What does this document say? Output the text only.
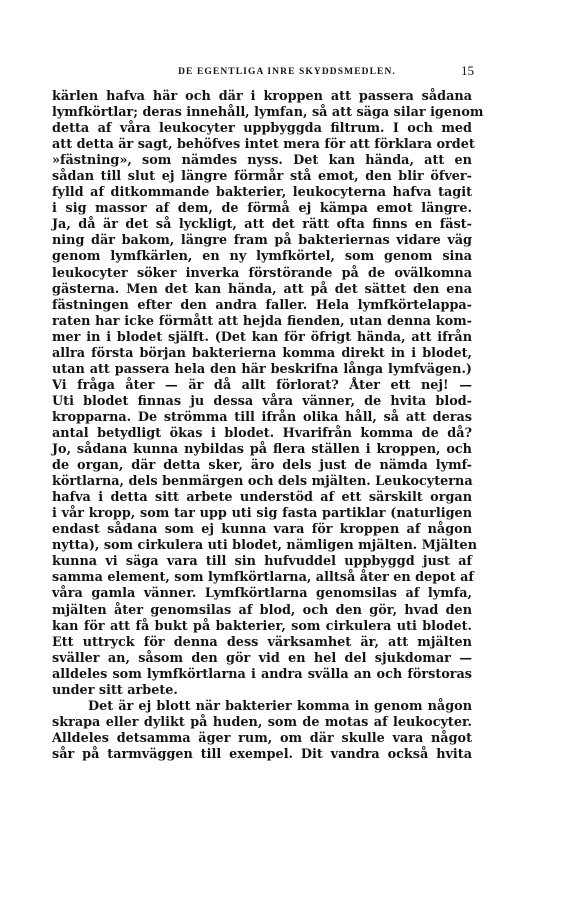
DE EGENTLIGA INRE SKYDDSMEDLEN.	15
kärlen hafva här och där i kroppen att passera sådana
lymfkörtlar; deras innehåll, lymfan, så att säga silar igenom
detta af våra leukocyter uppbyggda filtrum. I och med
att detta är sagt, behöfves intet mera för att förklara ordet
»fästning», som nämdes nyss. Det kan hända, att en
sådan till slut ej längre förmår stå emot, den blir öfver-
fylld af ditkommande bakterier, leukocyterna hafva tagit
i sig massor af dem, de förmå ej kämpa emot längre.
Ja, då är det så lyckligt, att det rätt ofta finns en fäst-
ning där bakom, längre fram på bakteriernas vidare väg
genom lymfkärlen, en ny lymfkörtel, som genom sina
leukocyter söker inverka förstörande på de ovälkomna
gästerna. Men det kan hända, att på det sättet den ena
fästningen efter den andra faller. Hela lymfkörtelappa-
raten har icke förmått att hejda fienden, utan denna kom-
mer in i blodet själft. (Det kan för öfrigt hända, att ifrån
allra första början bakterierna komma direkt in i blodet,
utan att passera hela den här beskrifna långa lymfvägen.)
Vi fråga åter — är då allt förlorat? Åter ett nej! —
Uti blodet finnas ju dessa våra vänner, de hvita blod-
kropparna. De strömma till ifrån olika håll, så att deras
antal betydligt ökas i blodet. Hvarifrån komma de då?
Jo, sådana kunna nybildas på flera ställen i kroppen, och
de organ, där detta sker, äro dels just de nämda lymf-
körtlarna, dels benmärgen och dels mjälten. Leukocyterna
hafva i detta sitt arbete understöd af ett särskilt organ
i vår kropp, som tar upp uti sig fasta partiklar (naturligen
endast sådana som ej kunna vara för kroppen af någon
nytta), som cirkulera uti blodet, nämligen mjälten. Mjälten
kunna vi säga vara till sin hufvuddel uppbyggd just af
samma element, som lymfkörtlarna, alltså åter en depot af
våra gamla vänner. Lymfkörtlarna genomsilas af lymfa,
mjälten åter genomsilas af blod, och den gör, hvad den
kan för att få bukt på bakterier, som cirkulera uti blodet.
Ett uttryck för denna dess värksamhet är, att mjälten
sväller an, såsom den gör vid en hel del sjukdomar —
alldeles som lymfkörtlarna i andra svälla an och förstoras
under sitt arbete.
Det är ej blott när bakterier komma in genom någon
skrapa eller dylikt på huden, som de motas af leukocyter.
Alldeles detsamma äger rum, om där skulle vara något
sår på tarmväggen till exempel. Dit vandra också hvita
